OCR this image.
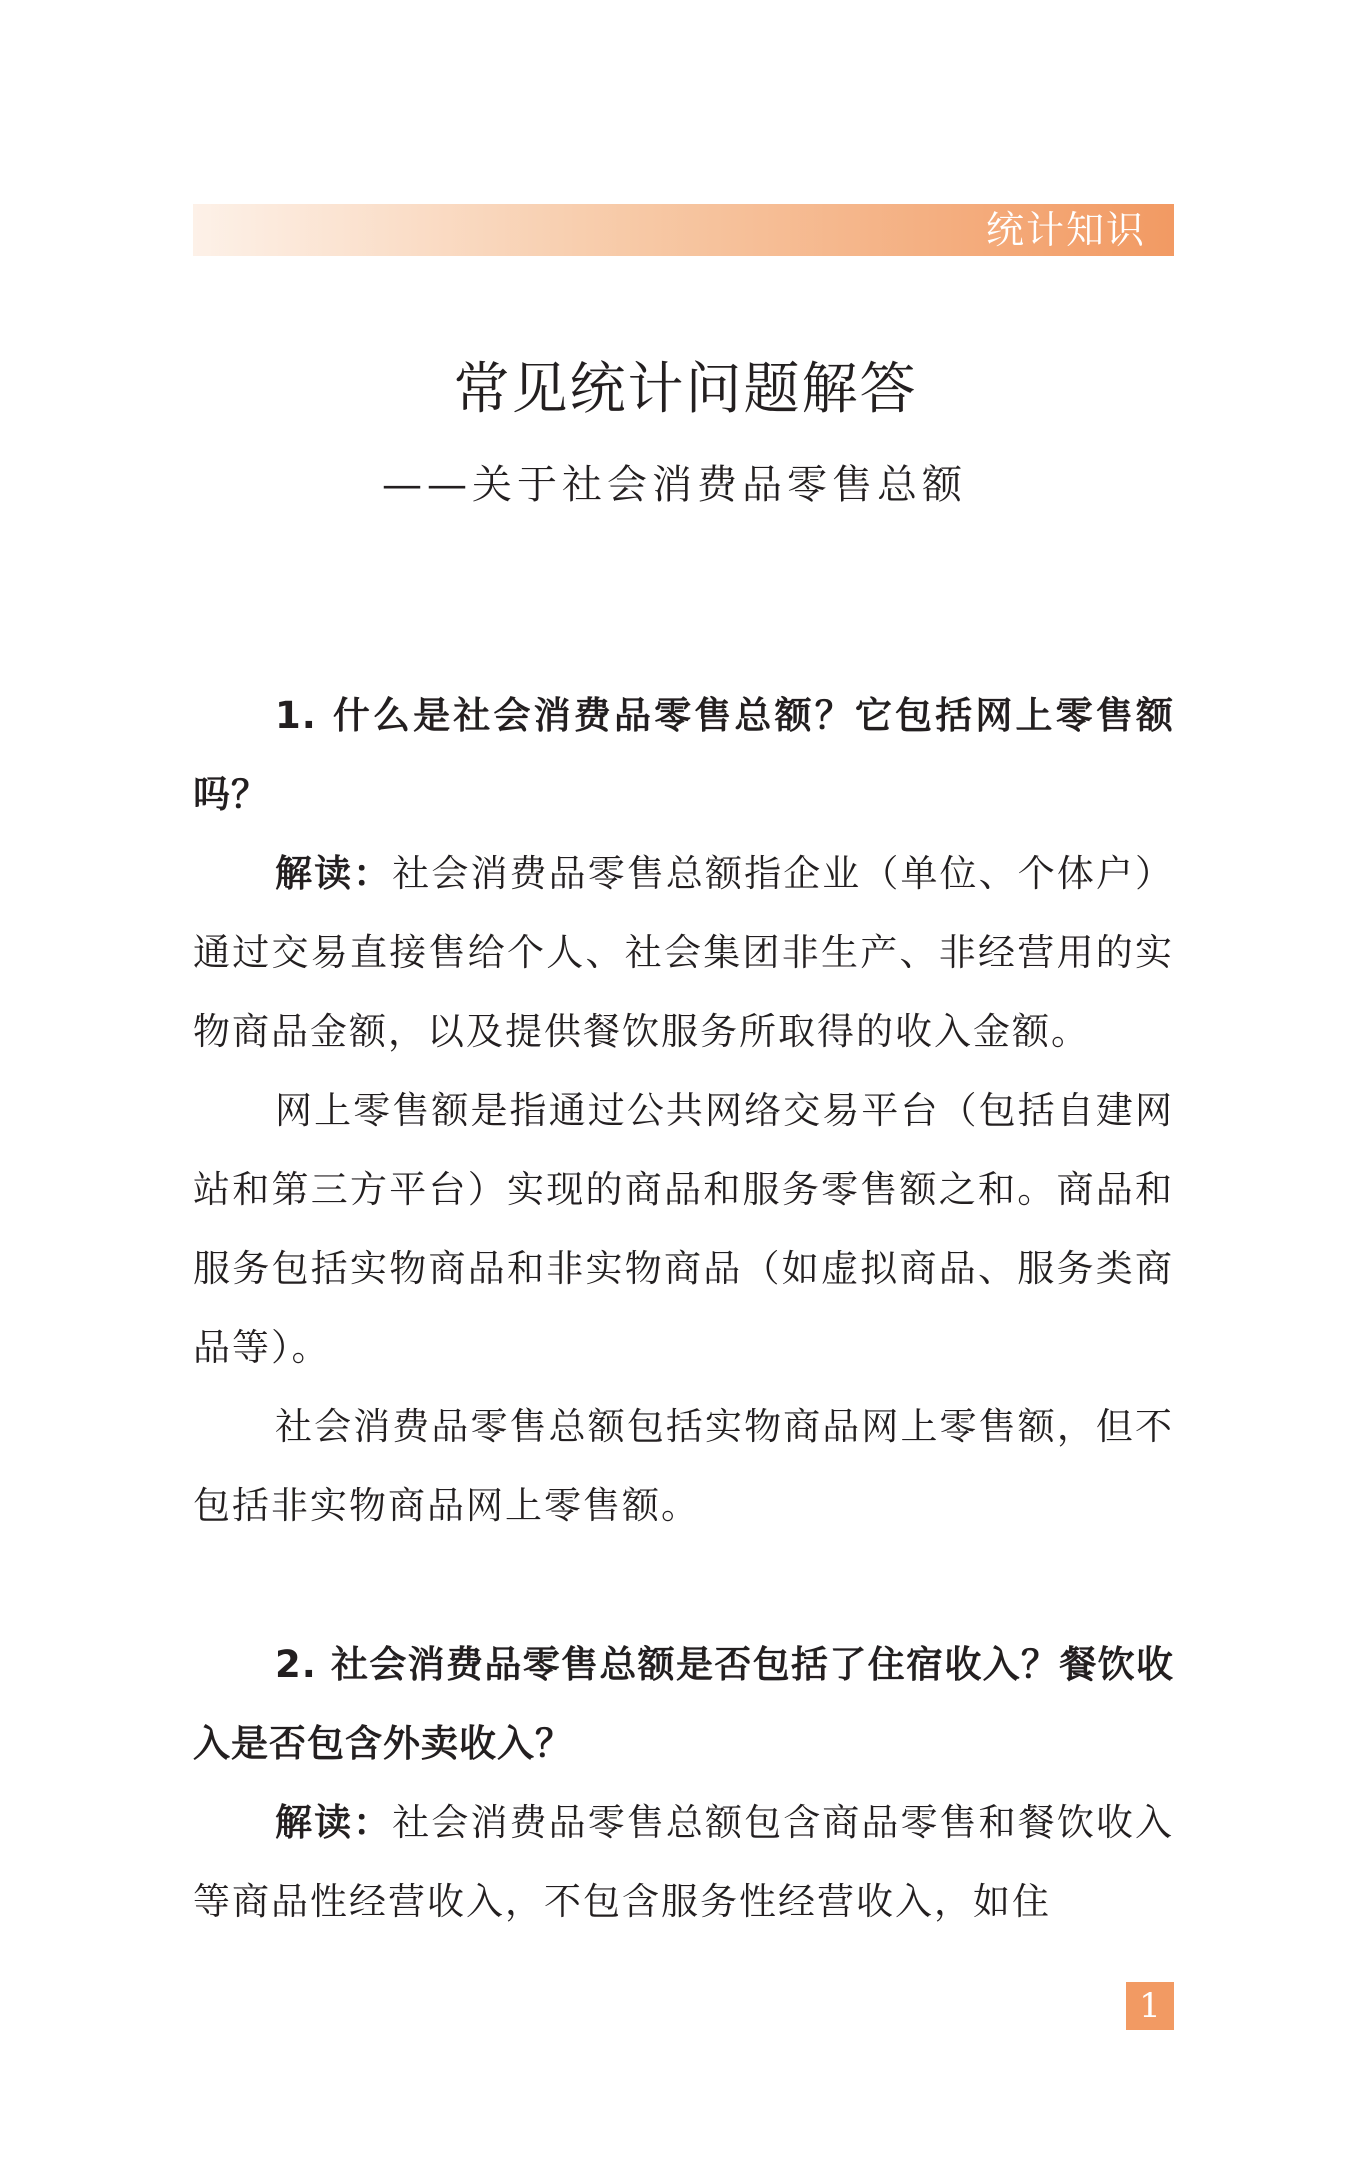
统计知识
常见统计问题解答
——关于社会消费品零售总额

1. 什么是社会消费品零售总额？它包括网上零售额吗？

解读：社会消费品零售总额指企业（单位、个体户）通过交易直接售给个人、社会集团非生产、非经营用的实物商品金额，以及提供餐饮服务所取得的收入金额。

网上零售额是指通过公共网络交易平台（包括自建网站和第三方平台）实现的商品和服务零售额之和。商品和服务包括实物商品和非实物商品（如虚拟商品、服务类商品等）。

社会消费品零售总额包括实物商品网上零售额，但不包括非实物商品网上零售额。

2. 社会消费品零售总额是否包括了住宿收入？餐饮收入是否包含外卖收入？

解读：社会消费品零售总额包含商品零售和餐饮收入等商品性经营收入，不包含服务性经营收入，如住

1
